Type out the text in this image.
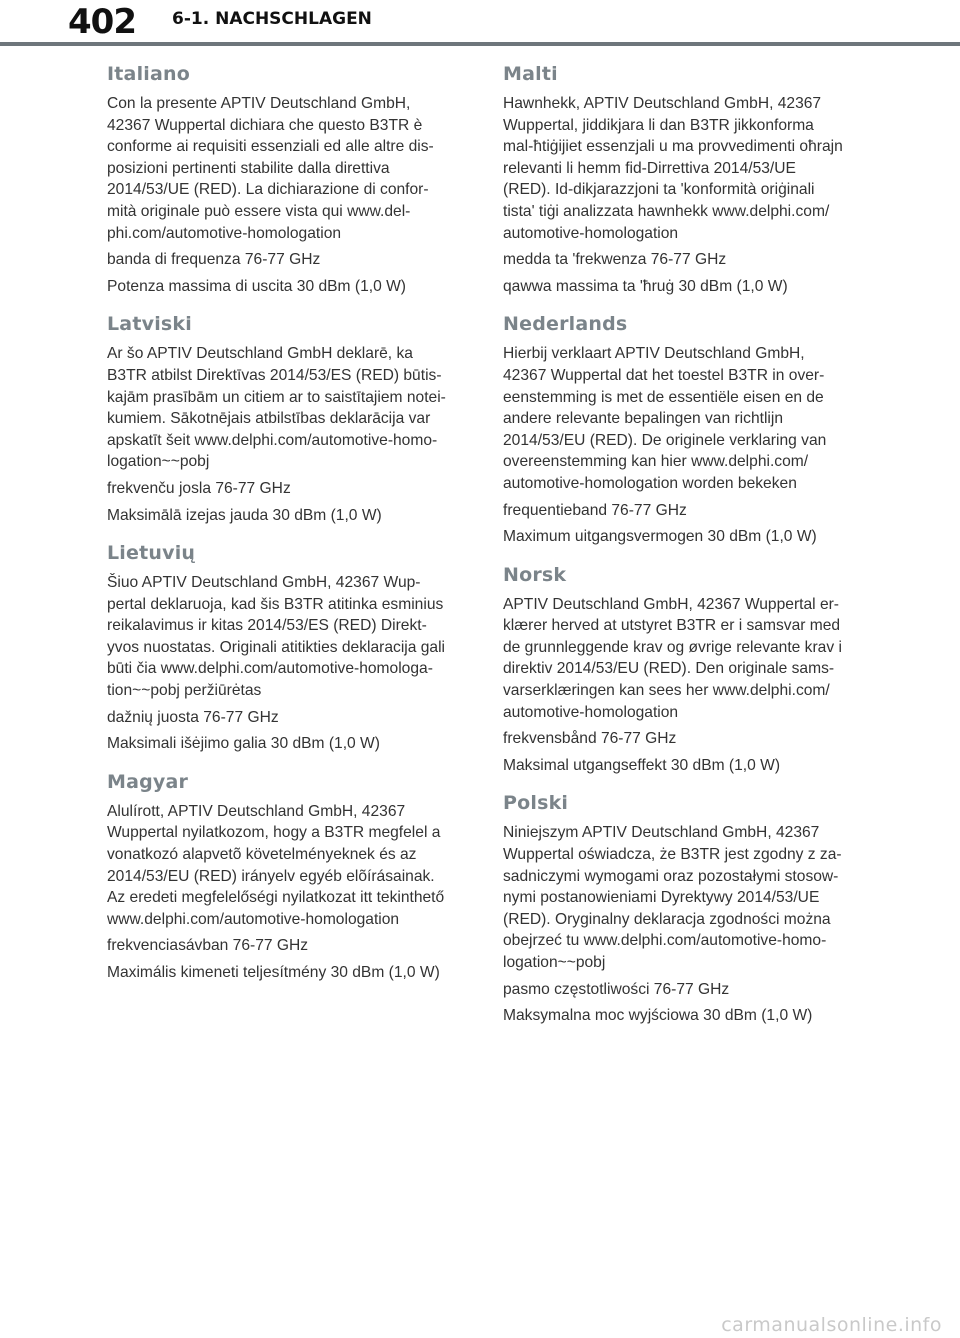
402 6-1. NACHSCHLAGEN
Italiano

Con la presente APTIV Deutschland GmbH,
42367 Wuppertal dichiara che questo B3TR è
conforme ai requisiti essenziali ed alle altre dis-
posizioni pertinenti stabilite dalla direttiva
2014/53/UE (RED). La dichiarazione di confor-
mità originale può essere vista qui www.del-
phi.com/automotive-homologation

banda di frequenza 76-77 GHz

Potenza massima di uscita 30 dBm (1,0 W)

Latviski

Ar šo APTIV Deutschland GmbH deklarē, ka
B3TR atbilst Direktīvas 2014/53/ES (RED) būtis-
kajām prasībām un citiem ar to saistītajiem notei-
kumiem. Sākotnējais atbilstības deklarācija var
apskatīt šeit www.delphi.com/automotive-homo-
logation~~pobj

frekvenču josla 76-77 GHz

Maksimālā izejas jauda 30 dBm (1,0 W)

Lietuvių

Šiuo APTIV Deutschland GmbH, 42367 Wup-
pertal deklaruoja, kad šis B3TR atitinka esminius
reikalavimus ir kitas 2014/53/ES (RED) Direkt-
yvos nuostatas. Originali atitikties deklaracija gali
būti čia www.delphi.com/automotive-homologa-
tion~~pobj peržiūrėtas

dažnių juosta 76-77 GHz

Maksimali išėjimo galia 30 dBm (1,0 W)

Magyar

Alulírott, APTIV Deutschland GmbH, 42367
Wuppertal nyilatkozom, hogy a B3TR megfelel a
vonatkozó alapvetõ követelményeknek és az
2014/53/EU (RED) irányelv egyéb elõírásainak.
Az eredeti megfelelőségi nyilatkozat itt tekinthető
www.delphi.com/automotive-homologation

frekvenciasávban 76-77 GHz

Maximális kimeneti teljesítmény 30 dBm (1,0 W)

Malti

Hawnhekk, APTIV Deutschland GmbH, 42367
Wuppertal, jiddikjara li dan B3TR jikkonforma
mal-ħtiġijiet essenzjali u ma provvedimenti oħrajn
relevanti li hemm fid-Dirrettiva 2014/53/UE
(RED). Id-dikjarazzjoni ta 'konformità oriġinali
tista' tiġi analizzata hawnhekk www.delphi.com/
automotive-homologation

medda ta 'frekwenza 76-77 GHz

qawwa massima ta 'ħruġ 30 dBm (1,0 W)

Nederlands

Hierbij verklaart APTIV Deutschland GmbH,
42367 Wuppertal dat het toestel B3TR in over-
eenstemming is met de essentiële eisen en de
andere relevante bepalingen van richtlijn
2014/53/EU (RED). De originele verklaring van
overeenstemming kan hier www.delphi.com/
automotive-homologation worden bekeken

frequentieband 76-77 GHz

Maximum uitgangsvermogen 30 dBm (1,0 W)

Norsk

APTIV Deutschland GmbH, 42367 Wuppertal er-
klærer herved at utstyret B3TR er i samsvar med
de grunnleggende krav og øvrige relevante krav i
direktiv 2014/53/EU (RED). Den originale sams-
varserklæringen kan sees her www.delphi.com/
automotive-homologation

frekvensbånd 76-77 GHz

Maksimal utgangseffekt 30 dBm (1,0 W)

Polski

Niniejszym APTIV Deutschland GmbH, 42367
Wuppertal oświadcza, że B3TR jest zgodny z za-
sadniczymi wymogami oraz pozostałymi stosow-
nymi postanowieniami Dyrektywy 2014/53/UE
(RED). Oryginalny deklaracja zgodności można
obejrzeć tu www.delphi.com/automotive-homo-
logation~~pobj

pasmo częstotliwości 76-77 GHz

Maksymalna moc wyjściowa 30 dBm (1,0 W)

carmanualsonline.info
